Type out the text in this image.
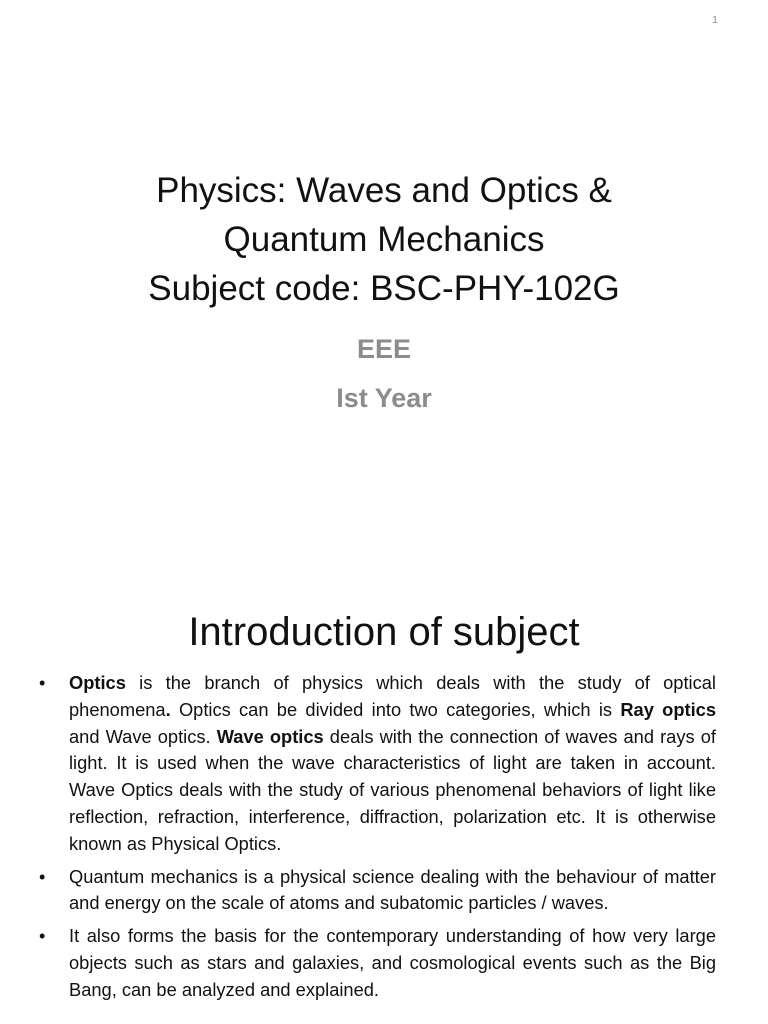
1
Physics: Waves and Optics &
Quantum Mechanics
Subject code: BSC-PHY-102G
EEE
Ist Year
Introduction of subject
• Optics is the branch of physics which deals with the study of optical phenomena. Optics can be divided into two categories, which is Ray optics and Wave optics. Wave optics deals with the connection of waves and rays of light. It is used when the wave characteristics of light are taken in account. Wave Optics deals with the study of various phenomenal behaviors of light like reflection, refraction, interference, diffraction, polarization etc. It is otherwise known as Physical Optics.
• Quantum mechanics is a physical science dealing with the behaviour of matter and energy on the scale of atoms and subatomic particles / waves.
• It also forms the basis for the contemporary understanding of how very large objects such as stars and galaxies, and cosmological events such as the Big Bang, can be analyzed and explained.
